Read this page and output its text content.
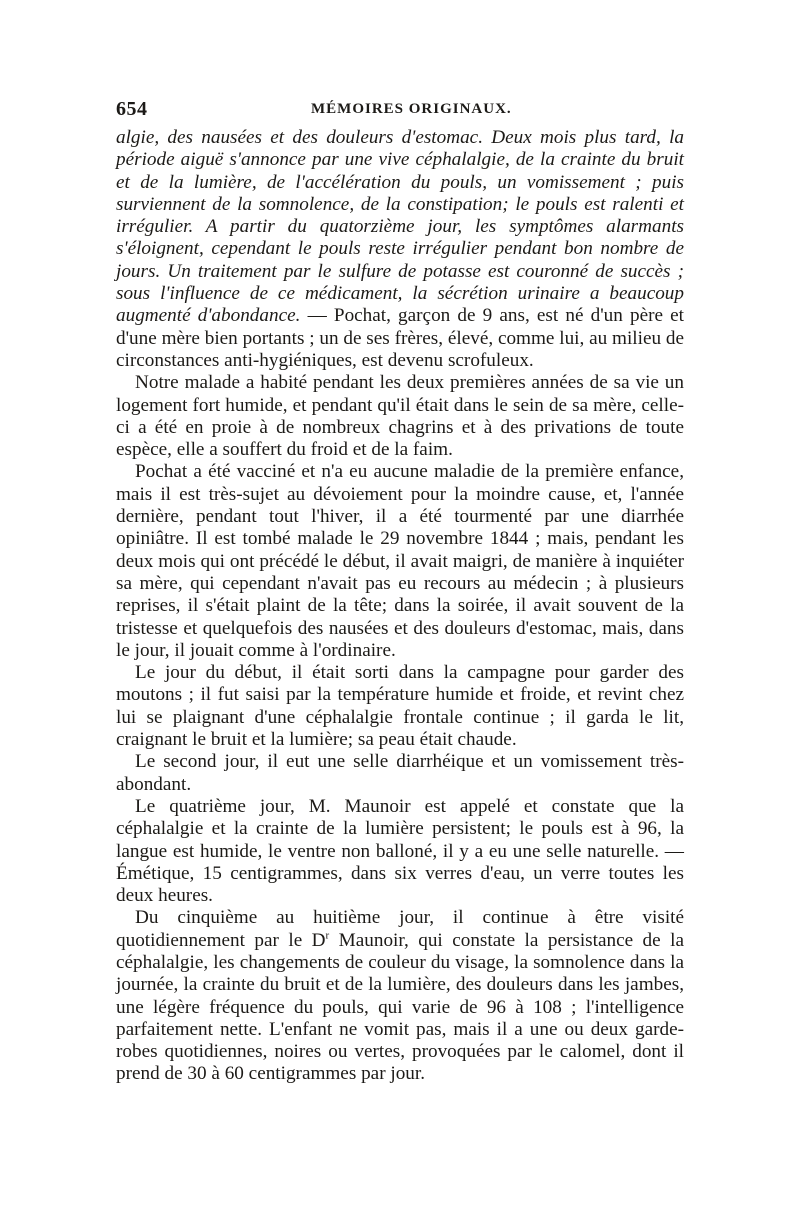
654	MÉMOIRES ORIGINAUX.

algie, des nausées et des douleurs d'estomac. Deux mois plus tard, la période aiguë s'annonce par une vive céphalalgie, de la crainte du bruit et de la lumière, de l'accélération du pouls, un vomissement ; puis surviennent de la somnolence, de la constipation; le pouls est ralenti et irrégulier. A partir du quatorzième jour, les symptômes alarmants s'éloignent, cependant le pouls reste irrégulier pendant bon nombre de jours. Un traitement par le sulfure de potasse est couronné de succès ; sous l'influence de ce médicament, la sécrétion urinaire a beaucoup augmenté d'abondance. — Pochat, garçon de 9 ans, est né d'un père et d'une mère bien portants ; un de ses frères, élevé, comme lui, au milieu de circonstances anti-hygiéniques, est devenu scrofuleux.

Notre malade a habité pendant les deux premières années de sa vie un logement fort humide, et pendant qu'il était dans le sein de sa mère, celle-ci a été en proie à de nombreux chagrins et à des privations de toute espèce, elle a souffert du froid et de la faim.

Pochat a été vacciné et n'a eu aucune maladie de la première enfance, mais il est très-sujet au dévoiement pour la moindre cause, et, l'année dernière, pendant tout l'hiver, il a été tourmenté par une diarrhée opiniâtre. Il est tombé malade le 29 novembre 1844 ; mais, pendant les deux mois qui ont précédé le début, il avait maigri, de manière à inquiéter sa mère, qui cependant n'avait pas eu recours au médecin ; à plusieurs reprises, il s'était plaint de la tête; dans la soirée, il avait souvent de la tristesse et quelquefois des nausées et des douleurs d'estomac, mais, dans le jour, il jouait comme à l'ordinaire.

Le jour du début, il était sorti dans la campagne pour garder des moutons ; il fut saisi par la température humide et froide, et revint chez lui se plaignant d'une céphalalgie frontale continue ; il garda le lit, craignant le bruit et la lumière; sa peau était chaude.

Le second jour, il eut une selle diarrhéique et un vomissement très-abondant.

Le quatrième jour, M. Maunoir est appelé et constate que la céphalalgie et la crainte de la lumière persistent; le pouls est à 96, la langue est humide, le ventre non balloné, il y a eu une selle naturelle. — Émétique, 15 centigrammes, dans six verres d'eau, un verre toutes les deux heures.

Du cinquième au huitième jour, il continue à être visité quotidiennement par le $D^r$ Maunoir, qui constate la persistance de la céphalalgie, les changements de couleur du visage, la somnolence dans la journée, la crainte du bruit et de la lumière, des douleurs dans les jambes, une légère fréquence du pouls, qui varie de 96 à 108 ; l'intelligence parfaitement nette. L'enfant ne vomit pas, mais il a une ou deux garde-robes quotidiennes, noires ou vertes, provoquées par le calomel, dont il prend de 30 à 60 centigrammes par jour.
